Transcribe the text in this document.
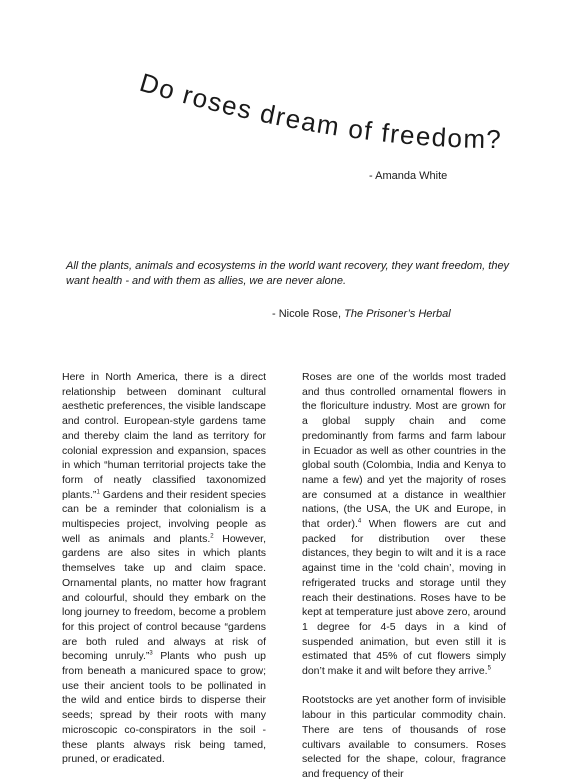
Do roses dream of freedom?
- Amanda White
All the plants, animals and ecosystems in the world want recovery, they want freedom, they want health - and with them as allies, we are never alone.
- Nicole Rose, The Prisoner’s Herbal

Here in North America, there is a direct relationship between dominant cultural aesthetic preferences, the visible landscape and control. European-style gardens tame and thereby claim the land as territory for colonial expression and expansion, spaces in which “human territorial projects take the form of neatly classified taxonomized plants.”$^1$ Gardens and their resident species can be a reminder that colonialism is a multispecies project, involving people as well as animals and plants.$^2$ However, gardens are also sites in which plants themselves take up and claim space. Ornamental plants, no matter how fragrant and colourful, should they embark on the long journey to freedom, become a problem for this project of control because “gardens are both ruled and always at risk of becoming unruly.”$^3$ Plants who push up from beneath a manicured space to grow; use their ancient tools to be pollinated in the wild and entice birds to disperse their seeds; spread by their roots with many microscopic co-conspirators in the soil - these plants always risk being tamed, pruned, or eradicated.

Roses are one of the worlds most traded and thus controlled ornamental flowers in the floriculture industry. Most are grown for a global supply chain and come predominantly from farms and farm labour in Ecuador as well as other countries in the global south (Colombia, India and Kenya to name a few) and yet the majority of roses are consumed at a distance in wealthier nations, (the USA, the UK and Europe, in that order).$^4$ When flowers are cut and packed for distribution over these distances, they begin to wilt and it is a race against time in the ‘cold chain’, moving in refrigerated trucks and storage until they reach their destinations. Roses have to be kept at temperature just above zero, around 1 degree for 4-5 days in a kind of suspended animation, but even still it is estimated that 45% of cut flowers simply don’t make it and wilt before they arrive.$^5$

Rootstocks are yet another form of invisible labour in this particular commodity chain. There are tens of thousands of rose cultivars available to consumers. Roses selected for the shape, colour, fragrance and frequency of their
